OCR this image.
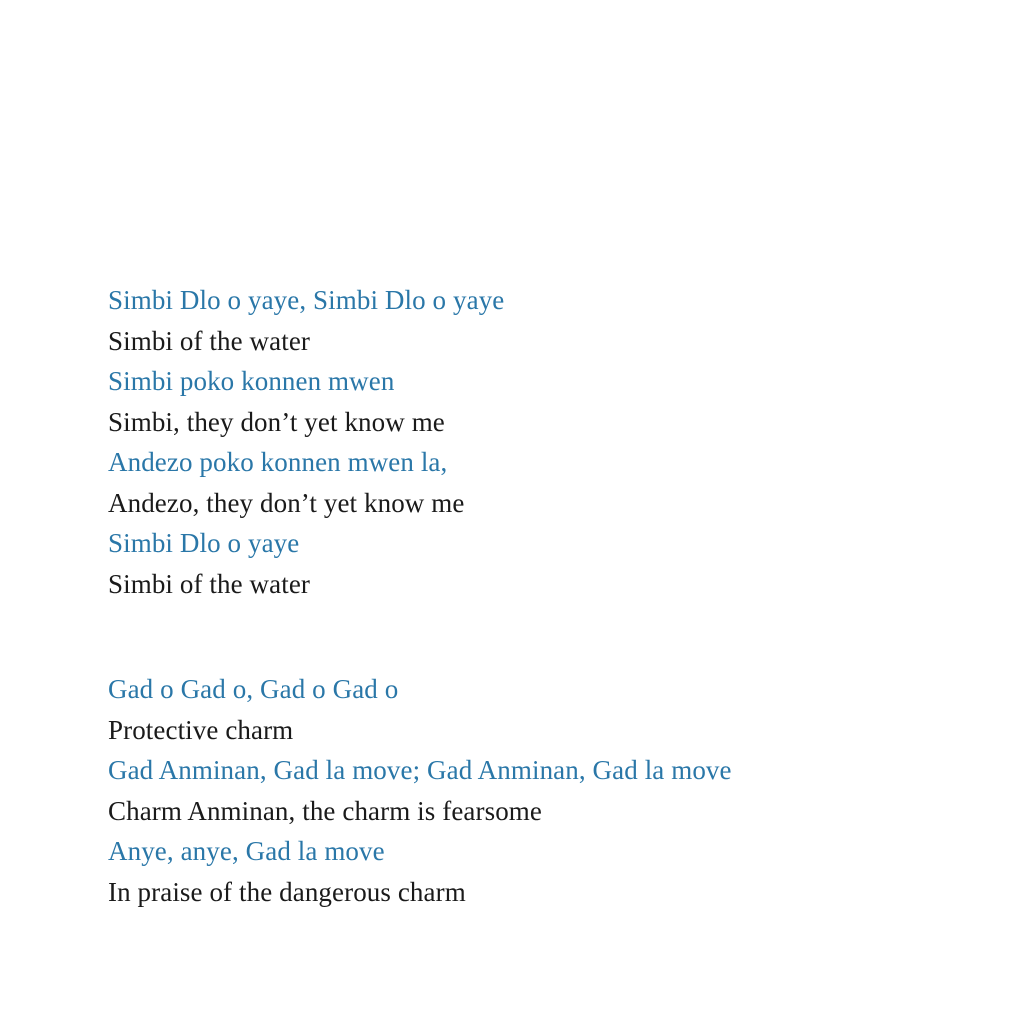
Simbi Dlo o yaye, Simbi Dlo o yaye
Simbi of the water
Simbi poko konnen mwen
Simbi, they don’t yet know me
Andezo poko konnen mwen la,
Andezo, they don’t yet know me
Simbi Dlo o yaye
Simbi of the water
Gad o Gad o, Gad o Gad o
Protective charm
Gad Anminan, Gad la move; Gad Anminan, Gad la move
Charm Anminan, the charm is fearsome
Anye, anye, Gad la move
In praise of the dangerous charm
